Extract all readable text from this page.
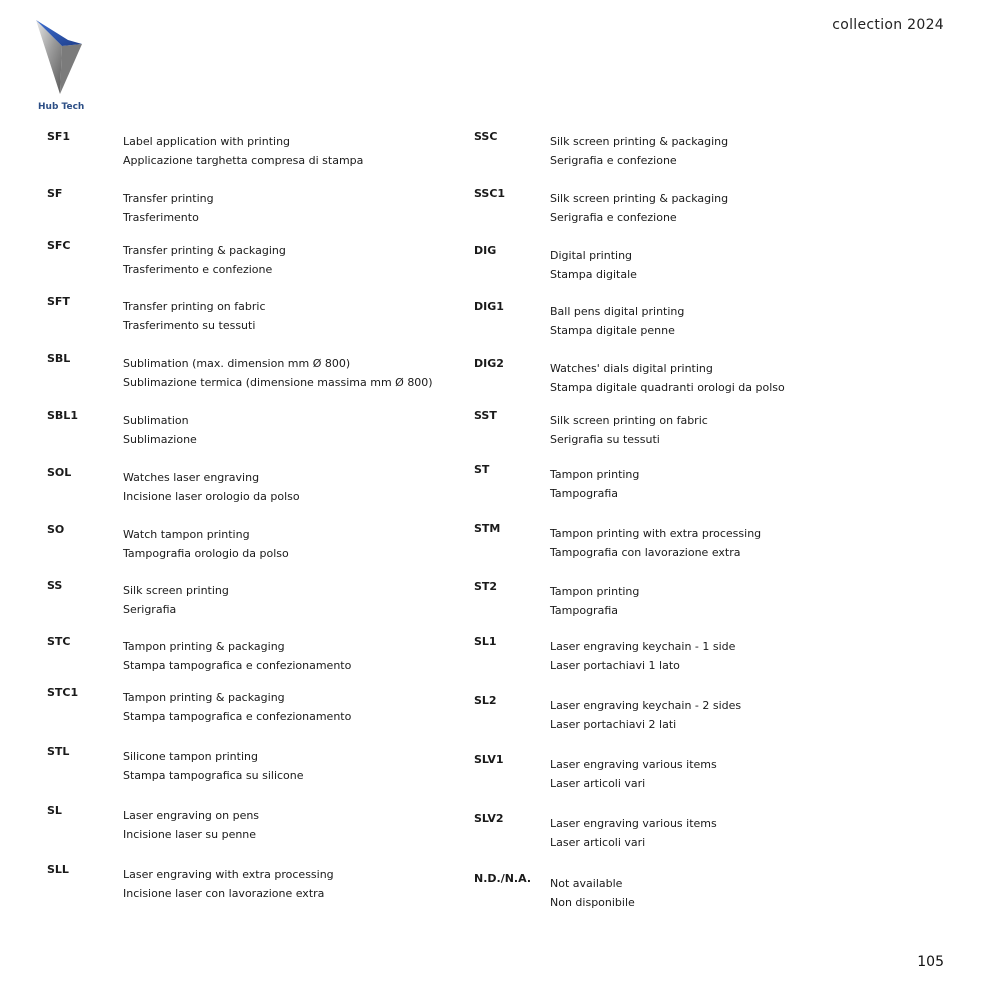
collection 2024
Hub Tech
SF1	Label application with printing
Applicazione targhetta compresa di stampa
SF	Transfer printing
Trasferimento
SFC	Transfer printing & packaging
Trasferimento e confezione
SFT	Transfer printing on fabric
Trasferimento su tessuti
SBL	Sublimation (max. dimension mm Ø 800)
Sublimazione termica (dimensione massima mm Ø 800)
SBL1	Sublimation
Sublimazione
SOL	Watches laser engraving
Incisione laser orologio da polso
SO	Watch tampon printing
Tampografia orologio da polso
SS	Silk screen printing
Serigrafia
STC	Tampon printing & packaging
Stampa tampografica e confezionamento
STC1	Tampon printing & packaging
Stampa tampografica e confezionamento
STL	Silicone tampon printing
Stampa tampografica su silicone
SL	Laser engraving on pens
Incisione laser su penne
SLL	Laser engraving with extra processing
Incisione laser con lavorazione extra
SSC	Silk screen printing & packaging
Serigrafia e confezione
SSC1	Silk screen printing & packaging
Serigrafia e confezione
DIG	Digital printing
Stampa digitale
DIG1	Ball pens digital printing
Stampa digitale penne
DIG2	Watches' dials digital printing
Stampa digitale quadranti orologi da polso
SST	Silk screen printing on fabric
Serigrafia su tessuti
ST	Tampon printing
Tampografia
STM	Tampon printing with extra processing
Tampografia con lavorazione extra
ST2	Tampon printing
Tampografia
SL1	Laser engraving keychain - 1 side
Laser portachiavi 1 lato
SL2	Laser engraving keychain - 2 sides
Laser portachiavi 2 lati
SLV1	Laser engraving various items
Laser articoli vari
SLV2	Laser engraving various items
Laser articoli vari
N.D./N.A. Not available
Non disponibile
105
